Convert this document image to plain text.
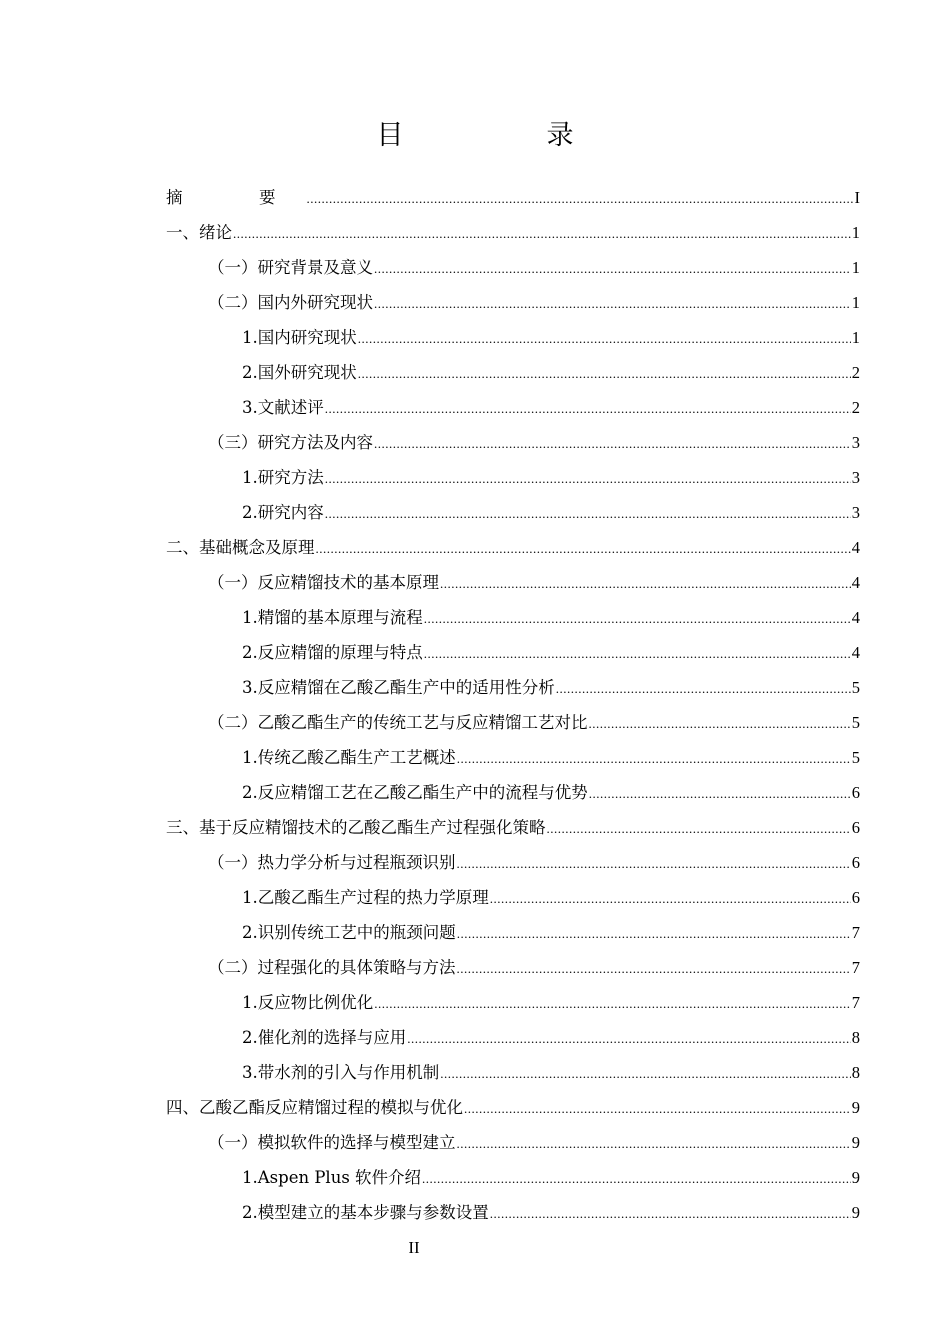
目　录
摘　要 .....	I
一、绪论 .....	1
（一）研究背景及意义 .....	1
（二）国内外研究现状 .....	1
1.国内研究现状 .....	1
2.国外研究现状 .....	2
3.文献述评 .....	2
（三）研究方法及内容 .....	3
1.研究方法 .....	3
2.研究内容 .....	3
二、基础概念及原理 .....	4
（一）反应精馏技术的基本原理 .....	4
1.精馏的基本原理与流程 .....	4
2.反应精馏的原理与特点 .....	4
3.反应精馏在乙酸乙酯生产中的适用性分析 .....	5
（二）乙酸乙酯生产的传统工艺与反应精馏工艺对比 .....	5
1.传统乙酸乙酯生产工艺概述 .....	5
2.反应精馏工艺在乙酸乙酯生产中的流程与优势 .....	6
三、基于反应精馏技术的乙酸乙酯生产过程强化策略 .....	6
（一）热力学分析与过程瓶颈识别 .....	6
1.乙酸乙酯生产过程的热力学原理 .....	6
2.识别传统工艺中的瓶颈问题 .....	7
（二）过程强化的具体策略与方法 .....	7
1.反应物比例优化 .....	7
2.催化剂的选择与应用 .....	8
3.带水剂的引入与作用机制 .....	8
四、乙酸乙酯反应精馏过程的模拟与优化 .....	9
（一）模拟软件的选择与模型建立 .....	9
1.Aspen Plus 软件介绍 .....	9
2.模型建立的基本步骤与参数设置 .....	9
II
